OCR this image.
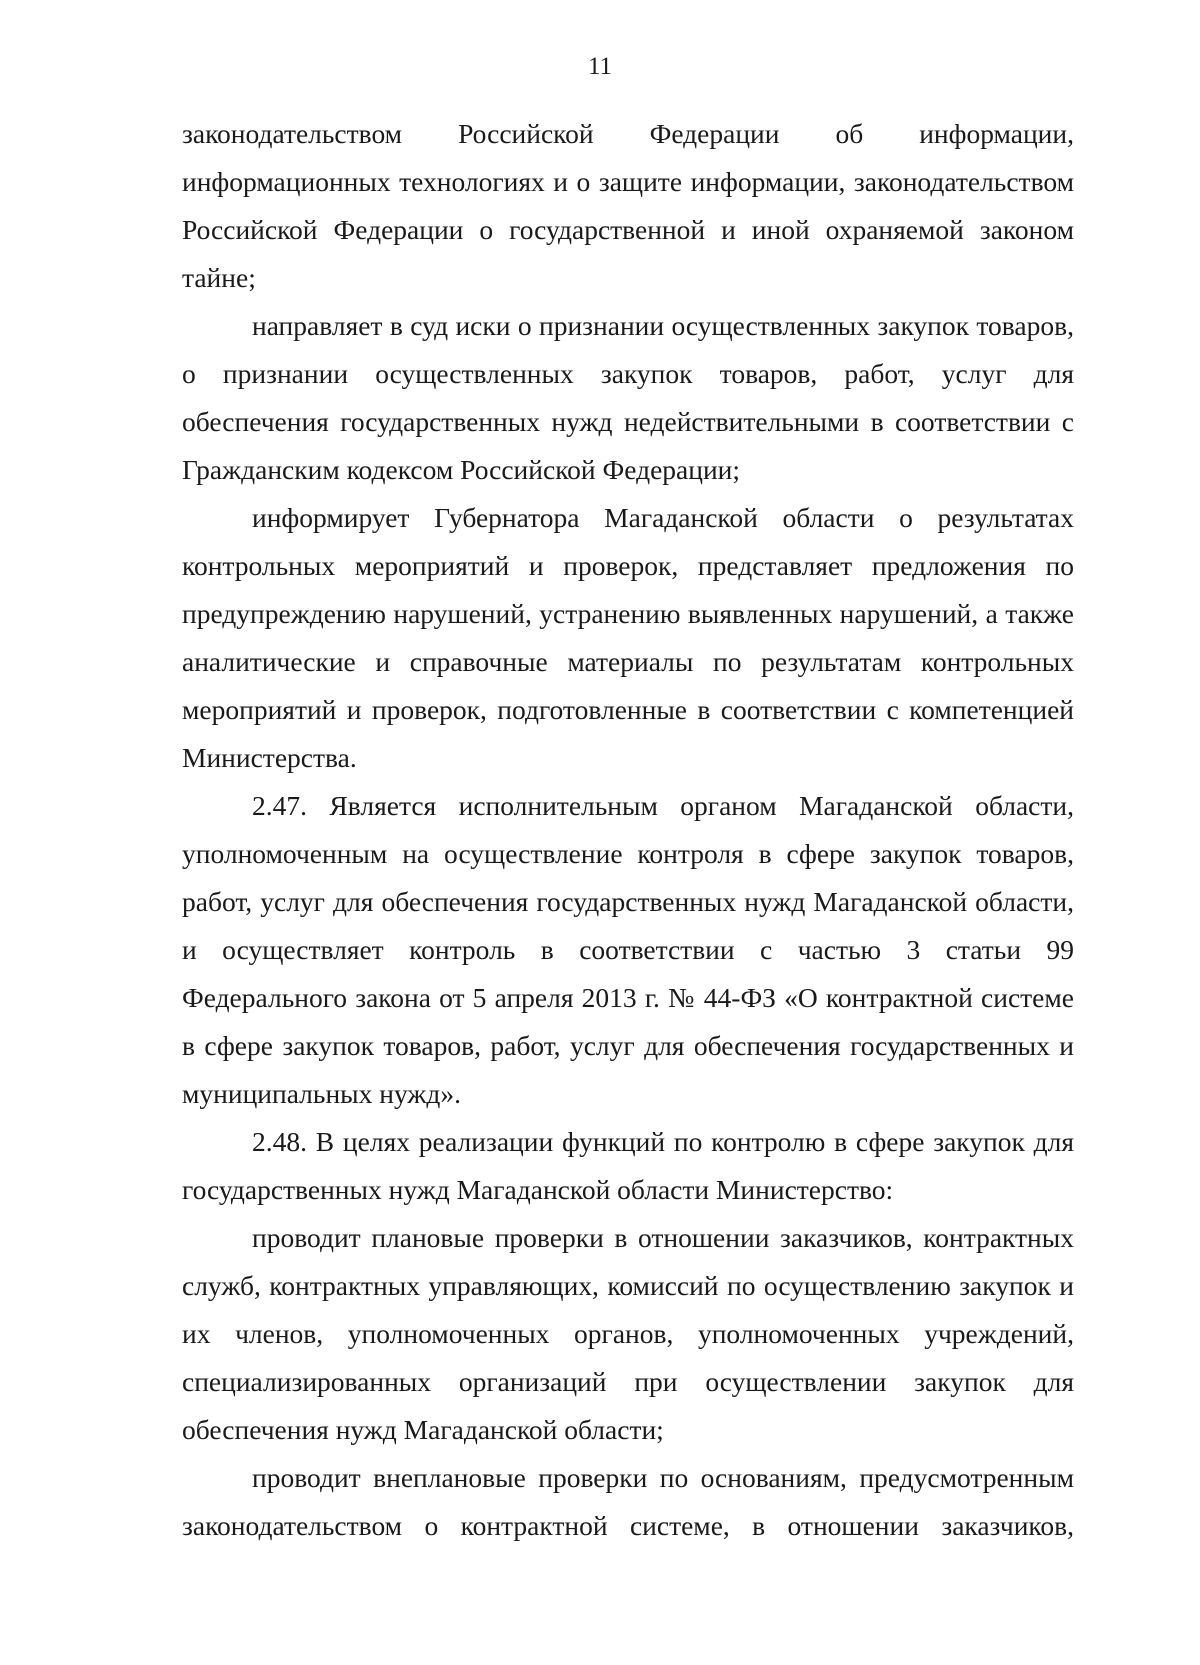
11

законодательством Российской Федерации об информации, информационных технологиях и о защите информации, законодательством Российской Федерации о государственной и иной охраняемой законом тайне;

направляет в суд иски о признании осуществленных закупок товаров, о признании осуществленных закупок товаров, работ, услуг для обеспечения государственных нужд недействительными в соответствии с Гражданским кодексом Российской Федерации;

информирует Губернатора Магаданской области о результатах контрольных мероприятий и проверок, представляет предложения по предупреждению нарушений, устранению выявленных нарушений, а также аналитические и справочные материалы по результатам контрольных мероприятий и проверок, подготовленные в соответствии с компетенцией Министерства.

2.47. Является исполнительным органом Магаданской области, уполномоченным на осуществление контроля в сфере закупок товаров, работ, услуг для обеспечения государственных нужд Магаданской области, и осуществляет контроль в соответствии с частью 3 статьи 99 Федерального закона от 5 апреля 2013 г. № 44-ФЗ «О контрактной системе в сфере закупок товаров, работ, услуг для обеспечения государственных и муниципальных нужд».

2.48. В целях реализации функций по контролю в сфере закупок для государственных нужд Магаданской области Министерство:

проводит плановые проверки в отношении заказчиков, контрактных служб, контрактных управляющих, комиссий по осуществлению закупок и их членов, уполномоченных органов, уполномоченных учреждений, специализированных организаций при осуществлении закупок для обеспечения нужд Магаданской области;

проводит внеплановые проверки по основаниям, предусмотренным законодательством о контрактной системе, в отношении заказчиков,
